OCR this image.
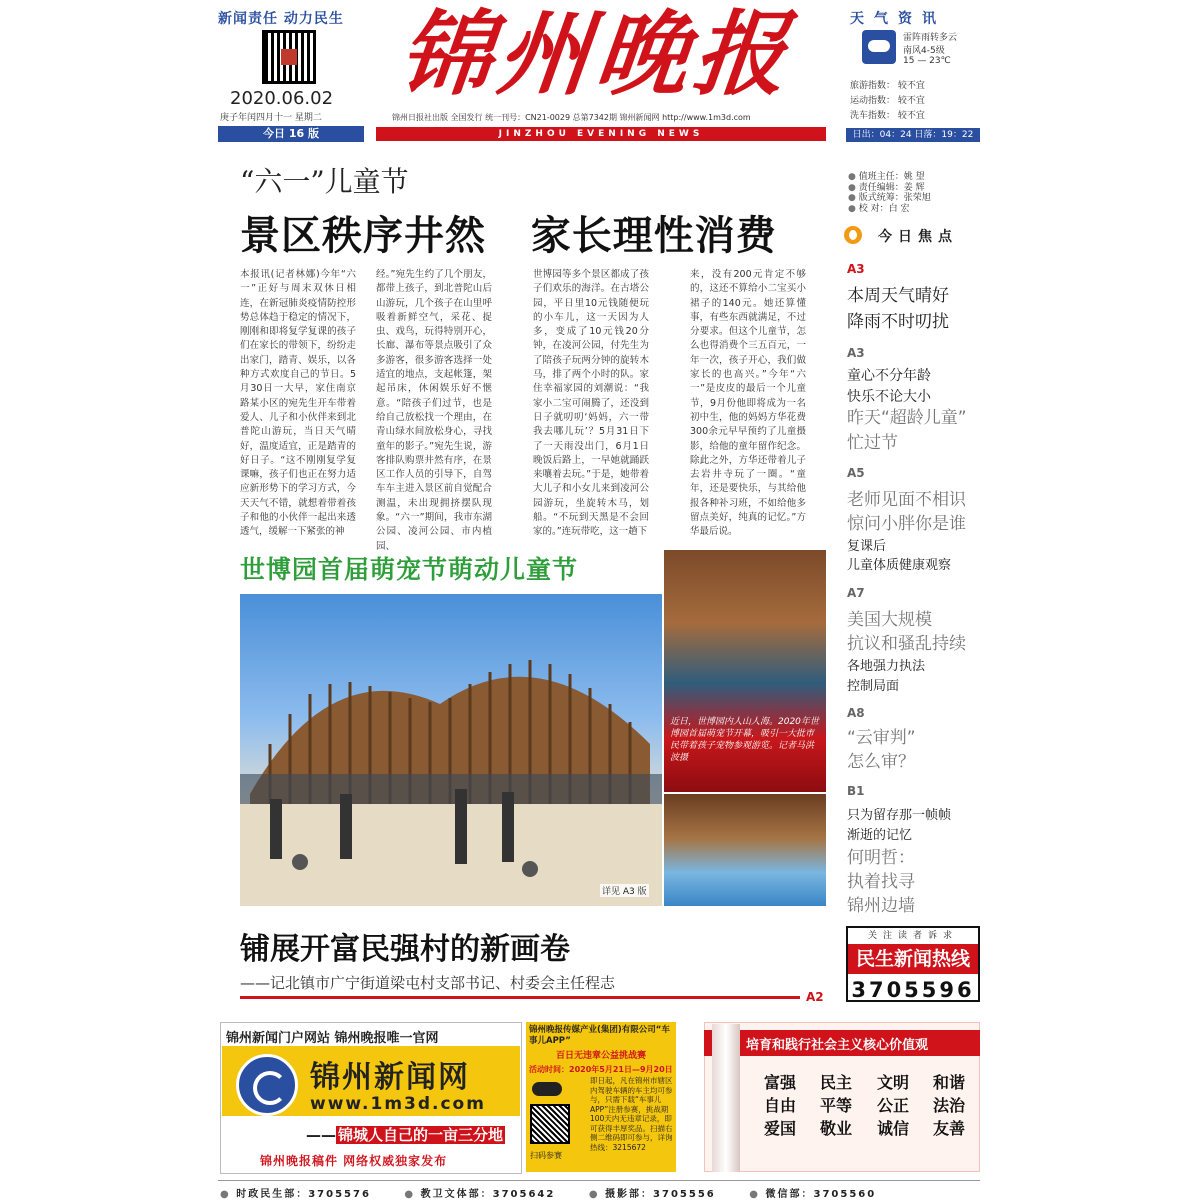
新闻责任 动力民生
2020.06.02
庚子年闰四月十一 星期二
今日 16 版
锦州晚报
锦州日报社出版 全国发行 统一刊号：CN21-0029 总第7342期 锦州新闻网 http://www.1m3d.com
JINZHOU EVENING NEWS
天气资讯
雷阵雨转多云
南风4-5级
15 — 23℃
旅游指数： 较不宜
运动指数： 较不宜
洗车指数： 较不宜
日出：04：24 日落：19：22
“六一”儿童节
景区秩序井然   家长理性消费
本报讯(记者林娜)今年“六一”正好与周末双休日相连，在新冠肺炎疫情防控形势总体趋于稳定的情况下，刚刚和即将复学复课的孩子们在家长的带领下，纷纷走出家门，踏青、娱乐，以各种方式欢度自己的节日。5月30日一大早，家住南京路某小区的宛先生开车带着爱人、儿子和小伙伴来到北普陀山游玩，当日天气晴好，温度适宜，正是踏青的好日子。“这不刚刚复学复课嘛，孩子们也正在努力适应新形势下的学习方式，今天天气不错，就想着带着孩子和他的小伙伴一起出来透透气，缓解一下紧张的神
经。”宛先生约了几个朋友，都带上孩子，到北普陀山后山游玩，几个孩子在山里呼吸着新鲜空气，采花、捉虫、戏鸟，玩得特别开心，长廊、瀑布等景点吸引了众多游客，很多游客选择一处适宜的地点，支起帐篷，架起吊床，休闲娱乐好不惬意。“陪孩子们过节，也是给自己放松找一个理由，在青山绿水间放松身心，寻找童年的影子。”宛先生说，游客排队购票井然有序，在景区工作人员的引导下，自驾车车主进入景区前自觉配合测温，未出现拥挤摆队现象。“六一”期间，我市东湖公园、凌河公园、市内植园、
世博园等多个景区都成了孩子们欢乐的海洋。在古塔公园，平日里10元钱随便玩的小车儿，这一天因为人多，变成了10元钱20分钟，在凌河公园，付先生为了陪孩子玩两分钟的旋转木马，排了两个小时的队。家住幸福家园的刘潮说：“我家小二宝可闹腾了，还没到日子就叨叨‘妈妈，六一带我去哪儿玩’？5月31日下了一天雨没出门，6月1日晚饭后路上，一早她就踊跃来嚷着去玩。”于是，她带着大儿子和小女儿来到凌河公园游玩，坐旋转木马，划船。“不玩到天黑是不会回家的。”连玩带吃，这一趟下
来，没有200元肯定不够的，这还不算给小二宝买小裙子的140元。她还算懂事，有些东西就满足，不过分要求。但这个儿童节，怎么也得消费个三五百元，一年一次，孩子开心，我们做家长的也高兴。”今年“六一”是皮皮的最后一个儿童节，9月份他即将成为一名初中生，他的妈妈方华花费300余元早早预约了儿童摄影，给他的童年留作纪念。除此之外，方华还带着儿子去岩井寺玩了一圈。“童年，还是要快乐，与其给他报各种补习班，不如给他多留点美好，纯真的记忆。”方华最后说。
● 值班主任：姚 望
● 责任编辑：姜 辉
● 版式统筹：张荣旭
● 校 对：白 宏
今日焦点
A3
本周天气晴好
降雨不时叨扰
A3
童心不分年龄
快乐不论大小
昨天“超龄儿童”
忙过节
A5
老师见面不相识
惊问小胖你是谁
复课后
儿童体质健康观察
A7
美国大规模
抗议和骚乱持续
各地强力执法
控制局面
A8
“云审判”
怎么审？
B1
只为留存那一帧帧
渐逝的记忆
何明哲：
执着找寻
锦州边墙
世博园首届萌宠节萌动儿童节
近日，世博园内人山人海。2020年世博园首届萌宠节开幕，吸引一大批市民带着孩子宠物参观游览。记者马洪波摄
详见 A3 版
铺展开富民强村的新画卷
——记北镇市广宁街道梁屯村支部书记、村委会主任程志
A2
关注读者诉求
民生新闻热线
3705596
锦州新闻门户网站 锦州晚报唯一官网
锦州新闻网
www.1m3d.com
—— 锦城人自己的一亩三分地
锦州晚报稿件 网络权威独家发布
锦州晚报传媒产业(集团)有限公司“车事儿APP”
百日无违章公益挑战赛
活动时间：2020年5月21日—9月20日
即日起，凡在锦州市辖区内驾驶车辆的车主均可参与，只需下载“车事儿APP”注册参赛，挑战期100天内无违章记录，即可获得丰厚奖品。扫描右侧二维码即可参与，详询热线：3215672
扫码参赛
培育和践行社会主义核心价值观
富强 民主 文明 和谐
自由 平等 公正 法治
爱国 敬业 诚信 友善
● 时政民生部：3705576	● 教卫文体部：3705642	● 摄影部：3705556	● 微信部：3705560
